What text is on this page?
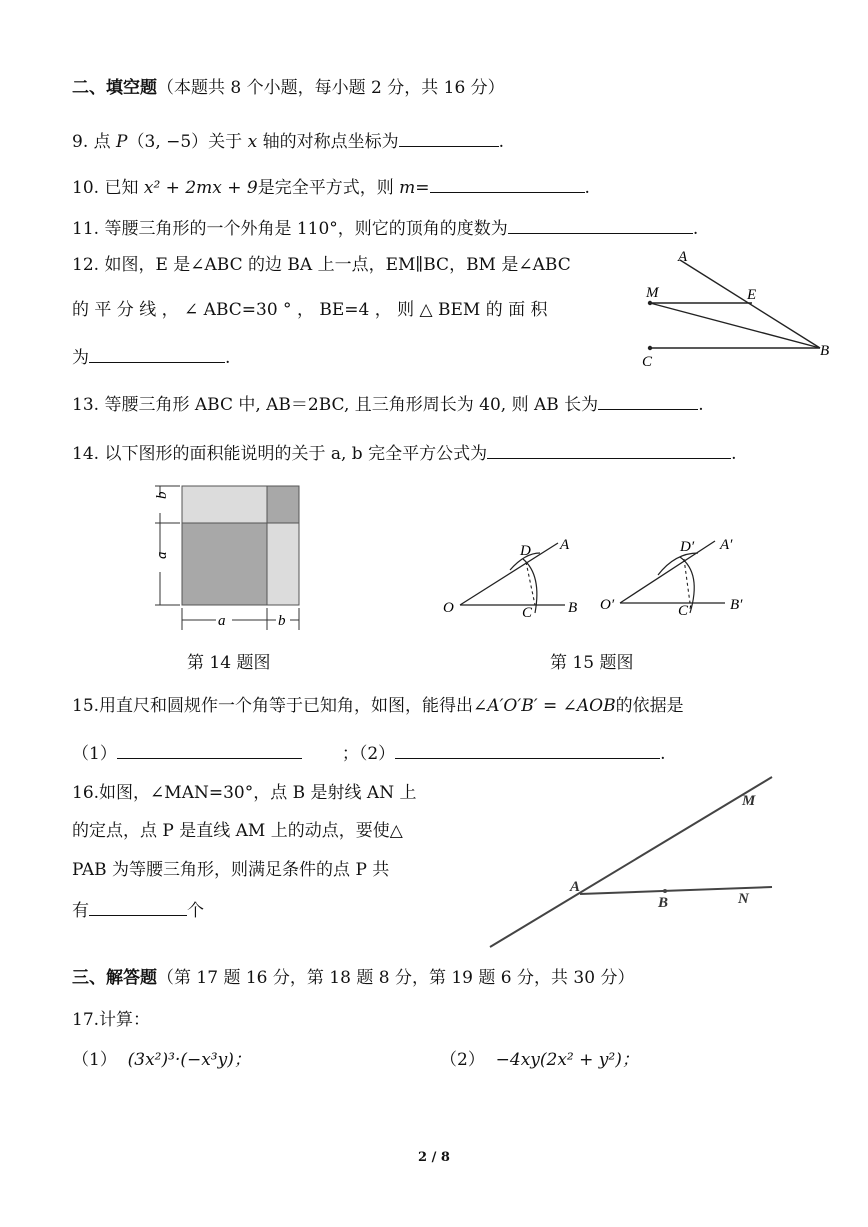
二、填空题（本题共 8 个小题，每小题 2 分，共 16 分）
9. 点 P（3, −5）关于 x 轴的对称点坐标为	.
10. 已知 x² + 2mx + 9是完全平方式，则 m=	.
11. 等腰三角形的一个外角是 110°，则它的顶角的度数为	.
12. 如图，E 是∠ABC 的边 BA 上一点，EM∥BC，BM 是∠ABC
的 平 分 线 ， ∠ ABC=30 ° ， BE=4 ， 则 △ BEM 的 面 积
为	.
A
M	E
C
B
13. 等腰三角形 ABC 中, AB＝2BC, 且三角形周长为 40, 则 AB 长为	.
14. 以下图形的面积能说明的关于 a, b 完全平方公式为	.
b
a
a	b
第 14 题图
O	C
D A
B O′	C′
D′ A′
B′
第 15 题图
15.用直尺和圆规作一个角等于已知角，如图，能得出∠A′O′B′ = ∠AOB的依据是
（1）	；（2）	.
16.如图，∠MAN=30°，点 B 是射线 AN 上
的定点，点 P 是直线 AM 上的动点，要使△
PAB 为等腰三角形，则满足条件的点 P 共
有	个
M
A
B	N
三、解答题（第 17 题 16 分，第 18 题 8 分，第 19 题 6 分，共 30 分）
17.计算：
（1） (3x²)³·(−x³y)；	（2） −4xy(2x² + y²)；
2 / 8
